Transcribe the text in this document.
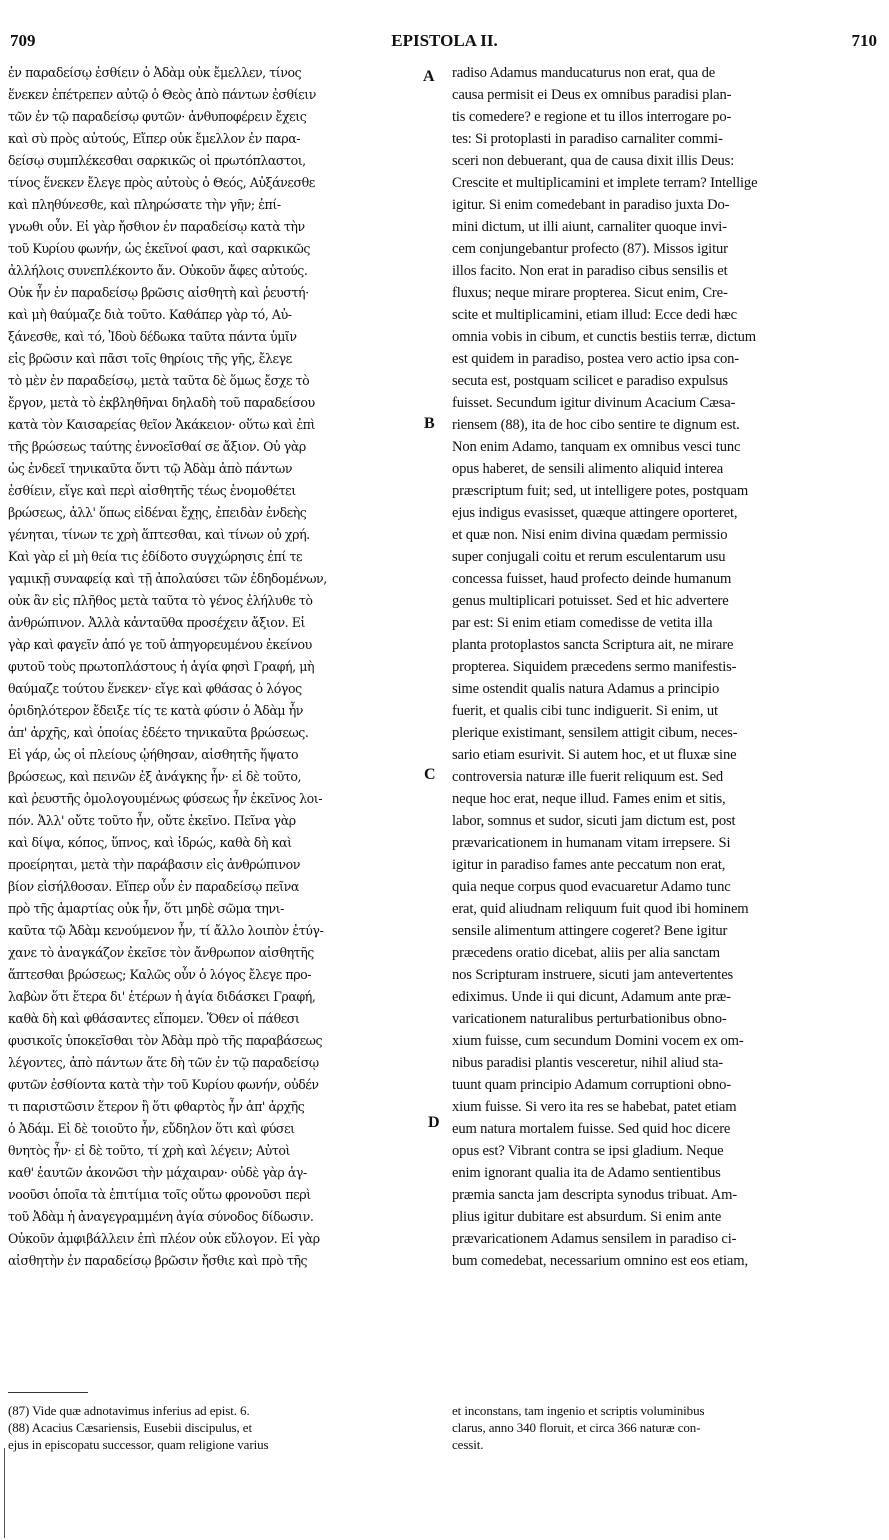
709	EPISTOLA II.	710
ἐν παραδείσῳ ἐσθίειν ὁ Ἀδὰμ οὐκ ἔμελλεν, τίνος
ἕνεκεν ἐπέτρεπεν αὐτῷ ὁ Θεὸς ἀπὸ πάντων ἐσθίειν
τῶν ἐν τῷ παραδείσῳ φυτῶν· ἀνθυποφέρειν ἔχεις
καὶ σὺ πρὸς αὐτούς, Εἴπερ οὐκ ἔμελλον ἐν παρα-
δείσῳ συμπλέκεσθαι σαρκικῶς οἱ πρωτόπλαστοι,
τίνος ἕνεκεν ἔλεγε πρὸς αὐτοὺς ὁ Θεός, Αὐξάνεσθε
καὶ πληθύνεσθε, καὶ πληρώσατε τὴν γῆν; ἐπί-
γνωθι οὖν. Εἰ γὰρ ἤσθιον ἐν παραδείσῳ κατὰ τὴν
τοῦ Κυρίου φωνήν, ὡς ἐκεῖνοί φασι, καὶ σαρκικῶς
ἀλλήλοις συνεπλέκοντο ἄν. Οὐκοῦν ἄφες αὐτούς.
Οὐκ ἦν ἐν παραδείσῳ βρῶσις αἰσθητὴ καὶ ῥευστή·
καὶ μὴ θαύμαζε διὰ τοῦτο. Καθάπερ γὰρ τό, Αὐ-
ξάνεσθε, καὶ τό, Ἰδοὺ δέδωκα ταῦτα πάντα ὑμῖν
εἰς βρῶσιν καὶ πᾶσι τοῖς θηρίοις τῆς γῆς, ἔλεγε
τὸ μὲν ἐν παραδείσῳ, μετὰ ταῦτα δὲ ὅμως ἔσχε τὸ
ἔργον, μετὰ τὸ ἐκβληθῆναι δηλαδὴ τοῦ παραδείσου
κατὰ τὸν Καισαρείας θεῖον Ἀκάκειον· οὕτω καὶ ἐπὶ
τῆς βρώσεως ταύτης ἐννοεῖσθαί σε ἄξιον. Οὐ γὰρ
ὡς ἐνδεεῖ τηνικαῦτα ὄντι τῷ Ἀδὰμ ἀπὸ πάντων
ἐσθίειν, εἴγε καὶ περὶ αἰσθητῆς τέως ἐνομοθέτει
βρώσεως, ἀλλ' ὅπως εἰδέναι ἔχῃς, ἐπειδὰν ἐνδεὴς
γένηται, τίνων τε χρὴ ἅπτεσθαι, καὶ τίνων οὐ χρή.
Καὶ γὰρ εἰ μὴ θεία τις ἐδίδοτο συγχώρησις ἐπί τε
γαμικῇ συναφείᾳ καὶ τῇ ἀπολαύσει τῶν ἐδηδομένων,
οὐκ ἂν εἰς πλῆθος μετὰ ταῦτα τὸ γένος ἐλήλυθε τὸ
ἀνθρώπινον. Ἀλλὰ κἀνταῦθα προσέχειν ἄξιον. Εἰ
γὰρ καὶ φαγεῖν ἀπό γε τοῦ ἀπηγορευμένου ἐκείνου
φυτοῦ τοὺς πρωτοπλάστους ἡ ἁγία φησὶ Γραφή, μὴ
θαύμαζε τούτου ἕνεκεν· εἴγε καὶ φθάσας ὁ λόγος
ὁριδηλότερον ἔδειξε τίς τε κατὰ φύσιν ὁ Ἀδὰμ ἦν
ἀπ' ἀρχῆς, καὶ ὁποίας ἐδέετο τηνικαῦτα βρώσεως.
Εἰ γάρ, ὡς οἱ πλείους ᾠήθησαν, αἰσθητῆς ἥψατο
βρώσεως, καὶ πεινῶν ἐξ ἀνάγκης ἦν· εἰ δὲ τοῦτο,
καὶ ῥευστῆς ὁμολογουμένως φύσεως ἦν ἐκεῖνος λοι-
πόν. Ἀλλ' οὔτε τοῦτο ἦν, οὔτε ἐκεῖνο. Πεῖνα γὰρ
καὶ δίψα, κόπος, ὕπνος, καὶ ἱδρώς, καθὰ δὴ καὶ
προείρηται, μετὰ τὴν παράβασιν εἰς ἀνθρώπινον
βίον εἰσήλθοσαν. Εἴπερ οὖν ἐν παραδείσῳ πεῖνα
πρὸ τῆς ἁμαρτίας οὐκ ἦν, ὅτι μηδὲ σῶμα τηνι-
καῦτα τῷ Ἀδὰμ κενούμενον ἦν, τί ἄλλο λοιπὸν ἐτύγ-
χανε τὸ ἀναγκάζον ἐκεῖσε τὸν ἄνθρωπον αἰσθητῆς
ἅπτεσθαι βρώσεως; Καλῶς οὖν ὁ λόγος ἔλεγε προ-
λαβὼν ὅτι ἕτερα δι' ἑτέρων ἡ ἁγία διδάσκει Γραφή,
καθὰ δὴ καὶ φθάσαντες εἴπομεν. Ὅθεν οἱ πάθεσι
φυσικοῖς ὑποκεῖσθαι τὸν Ἀδὰμ πρὸ τῆς παραβάσεως
λέγοντες, ἀπὸ πάντων ἅτε δὴ τῶν ἐν τῷ παραδείσῳ
φυτῶν ἐσθίοντα κατὰ τὴν τοῦ Κυρίου φωνήν, οὐδέν
τι παριστῶσιν ἕτερον ἢ ὅτι φθαρτὸς ἦν ἀπ' ἀρχῆς
ὁ Ἀδάμ. Εἰ δὲ τοιοῦτο ἦν, εὔδηλον ὅτι καὶ φύσει
θνητὸς ἦν· εἰ δὲ τοῦτο, τί χρὴ καὶ λέγειν; Αὐτοὶ
καθ' ἑαυτῶν ἀκονῶσι τὴν μάχαιραν· οὐδὲ γὰρ ἀγ-
νοοῦσι ὁποῖα τὰ ἐπιτίμια τοῖς οὕτω φρονοῦσι περὶ
τοῦ Ἀδὰμ ἡ ἀναγεγραμμένη ἁγία σύνοδος δίδωσιν.
Οὐκοῦν ἀμφιβάλλειν ἐπὶ πλέον οὐκ εὔλογον. Εἰ γὰρ
αἰσθητὴν ἐν παραδείσῳ βρῶσιν ἤσθιε καὶ πρὸ τῆς
radiso Adamus manducaturus non erat, qua de
causa permisit ei Deus ex omnibus paradisi plan-
tis comedere? e regione et tu illos interrogare po-
tes: Si protoplasti in paradiso carnaliter commi-
sceri non debuerant, qua de causa dixit illis Deus:
Crescite et multiplicamini et implete terram? Intellige
igitur. Si enim comedebant in paradiso juxta Do-
mini dictum, ut illi aiunt, carnaliter quoque invi-
cem conjungebantur profecto (87). Missos igitur
illos facito. Non erat in paradiso cibus sensilis et
fluxus; neque mirare propterea. Sicut enim, Cre-
scite et multiplicamini, etiam illud: Ecce dedi hæc
omnia vobis in cibum, et cunctis bestiis terræ, dictum
est quidem in paradiso, postea vero actio ipsa con-
secuta est, postquam scilicet e paradiso expulsus
fuisset. Secundum igitur divinum Acacium Cæsa-
riensem (88), ita de hoc cibo sentire te dignum est.
Non enim Adamo, tanquam ex omnibus vesci tunc
opus haberet, de sensili alimento aliquid interea
præscriptum fuit; sed, ut intelligere potes, postquam
ejus indigus evasisset, quæque attingere oporteret,
et quæ non. Nisi enim divina quædam permissio
super conjugali coitu et rerum esculentarum usu
concessa fuisset, haud profecto deinde humanum
genus multiplicari potuisset. Sed et hic advertere
par est: Si enim etiam comedisse de vetita illa
planta protoplastos sancta Scriptura ait, ne mirare
propterea. Siquidem præcedens sermo manifestis-
sime ostendit qualis natura Adamus a principio
fuerit, et qualis cibi tunc indiguerit. Si enim, ut
plerique existimant, sensilem attigit cibum, neces-
sario etiam esurivit. Si autem hoc, et ut fluxæ sine
controversia naturæ ille fuerit reliquum est. Sed
neque hoc erat, neque illud. Fames enim et sitis,
labor, somnus et sudor, sicuti jam dictum est, post
prævaricationem in humanam vitam irrepsere. Si
igitur in paradiso fames ante peccatum non erat,
quia neque corpus quod evacuaretur Adamo tunc
erat, quid aliudnam reliquum fuit quod ibi hominem
sensile alimentum attingere cogeret? Bene igitur
præcedens oratio dicebat, aliis per alia sanctam
nos Scripturam instruere, sicuti jam antevertentes
ediximus. Unde ii qui dicunt, Adamum ante præ-
varicationem naturalibus perturbationibus obno-
xium fuisse, cum secundum Domini vocem ex om-
nibus paradisi plantis vesceretur, nihil aliud sta-
tuunt quam principio Adamum corruptioni obno-
xium fuisse. Si vero ita res se habebat, patet etiam
eum natura mortalem fuisse. Sed quid hoc dicere
opus est? Vibrant contra se ipsi gladium. Neque
enim ignorant qualia ita de Adamo sentientibus
præmia sancta jam descripta synodus tribuat. Am-
plius igitur dubitare est absurdum. Si enim ante
prævaricationem Adamus sensilem in paradiso ci-
bum comedebat, necessarium omnino est eos etiam,
A
B
C
D
(87) Vide quæ adnotavimus inferius ad epist. 6.
(88) Acacius Cæsariensis, Eusebii discipulus, et
ejus in episcopatu successor, quam religione varius
et inconstans, tam ingenio et scriptis voluminibus
clarus, anno 340 floruit, et circa 366 naturæ con-
cessit.
